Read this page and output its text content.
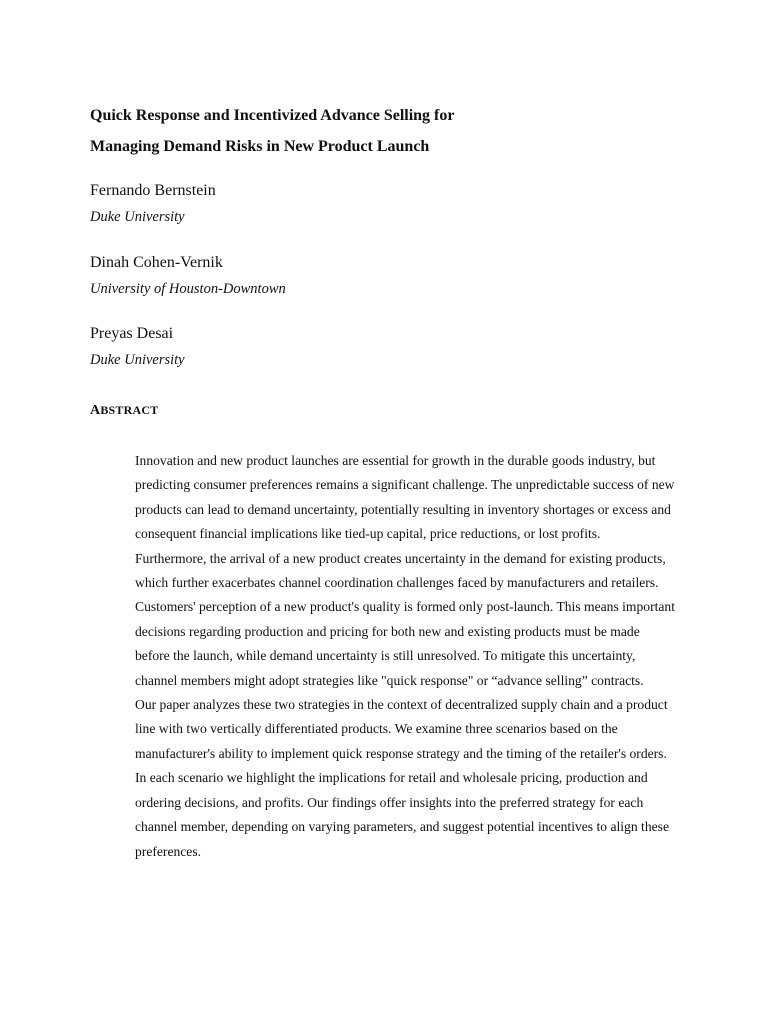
Quick Response and Incentivized Advance Selling for
Managing Demand Risks in New Product Launch

Fernando Bernstein

Duke University

Dinah Cohen-Vernik

University of Houston-Downtown

Preyas Desai

Duke University

ABSTRACT

Innovation and new product launches are essential for growth in the durable goods industry, but predicting consumer preferences remains a significant challenge. The unpredictable success of new products can lead to demand uncertainty, potentially resulting in inventory shortages or excess and consequent financial implications like tied-up capital, price reductions, or lost profits. Furthermore, the arrival of a new product creates uncertainty in the demand for existing products, which further exacerbates channel coordination challenges faced by manufacturers and retailers.

Customers' perception of a new product's quality is formed only post-launch. This means important decisions regarding production and pricing for both new and existing products must be made before the launch, while demand uncertainty is still unresolved. To mitigate this uncertainty, channel members might adopt strategies like "quick response" or “advance selling” contracts.

Our paper analyzes these two strategies in the context of decentralized supply chain and a product line with two vertically differentiated products. We examine three scenarios based on the manufacturer's ability to implement quick response strategy and the timing of the retailer's orders. In each scenario we highlight the implications for retail and wholesale pricing, production and ordering decisions, and profits. Our findings offer insights into the preferred strategy for each channel member, depending on varying parameters, and suggest potential incentives to align these preferences.
